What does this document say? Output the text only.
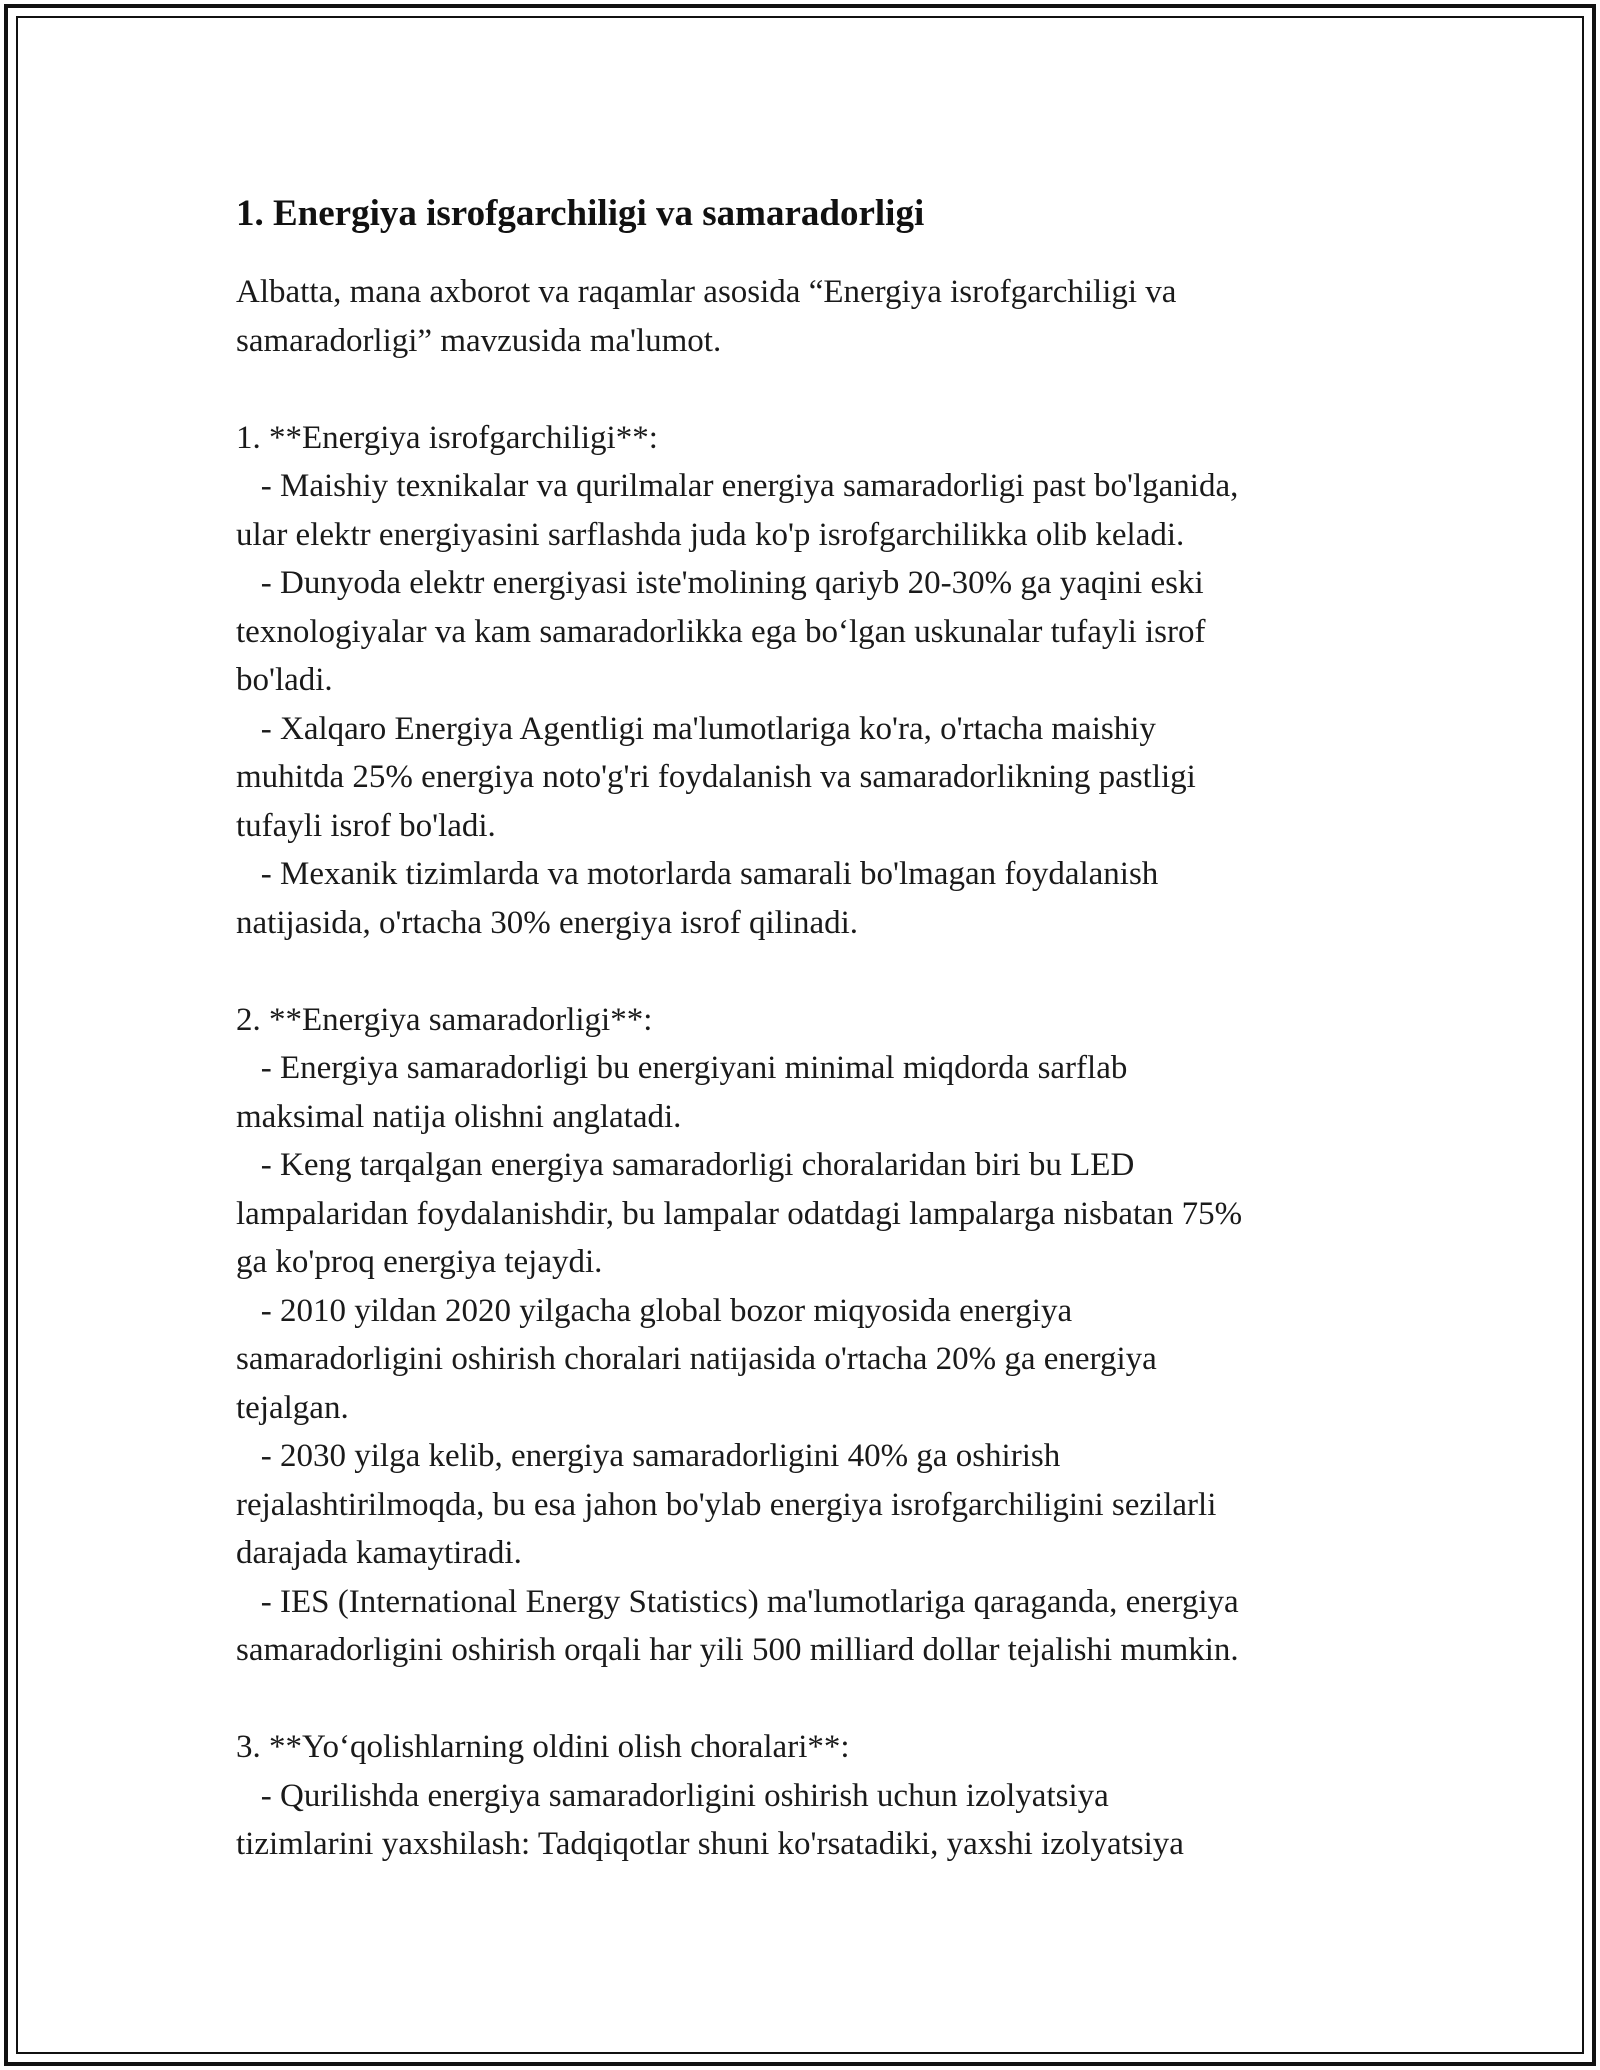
1. Energiya isrofgarchiligi va samaradorligi
Albatta, mana axborot va raqamlar asosida “Energiya isrofgarchiligi va
samaradorligi” mavzusida ma'lumot.
1. **Energiya isrofgarchiligi**:
- Maishiy texnikalar va qurilmalar energiya samaradorligi past bo'lganida,
ular elektr energiyasini sarflashda juda ko'p isrofgarchilikka olib keladi.
- Dunyoda elektr energiyasi iste'molining qariyb 20-30% ga yaqini eski
texnologiyalar va kam samaradorlikka ega boʻlgan uskunalar tufayli isrof
bo'ladi.
- Xalqaro Energiya Agentligi ma'lumotlariga ko'ra, o'rtacha maishiy
muhitda 25% energiya noto'g'ri foydalanish va samaradorlikning pastligi
tufayli isrof bo'ladi.
- Mexanik tizimlarda va motorlarda samarali bo'lmagan foydalanish
natijasida, o'rtacha 30% energiya isrof qilinadi.
2. **Energiya samaradorligi**:
- Energiya samaradorligi bu energiyani minimal miqdorda sarflab
maksimal natija olishni anglatadi.
- Keng tarqalgan energiya samaradorligi choralaridan biri bu LED
lampalaridan foydalanishdir, bu lampalar odatdagi lampalarga nisbatan 75%
ga ko'proq energiya tejaydi.
- 2010 yildan 2020 yilgacha global bozor miqyosida energiya
samaradorligini oshirish choralari natijasida o'rtacha 20% ga energiya
tejalgan.
- 2030 yilga kelib, energiya samaradorligini 40% ga oshirish
rejalashtirilmoqda, bu esa jahon bo'ylab energiya isrofgarchiligini sezilarli
darajada kamaytiradi.
- IES (International Energy Statistics) ma'lumotlariga qaraganda, energiya
samaradorligini oshirish orqali har yili 500 milliard dollar tejalishi mumkin.
3. **Yoʻqolishlarning oldini olish choralari**:
- Qurilishda energiya samaradorligini oshirish uchun izolyatsiya
tizimlarini yaxshilash: Tadqiqotlar shuni ko'rsatadiki, yaxshi izolyatsiya
